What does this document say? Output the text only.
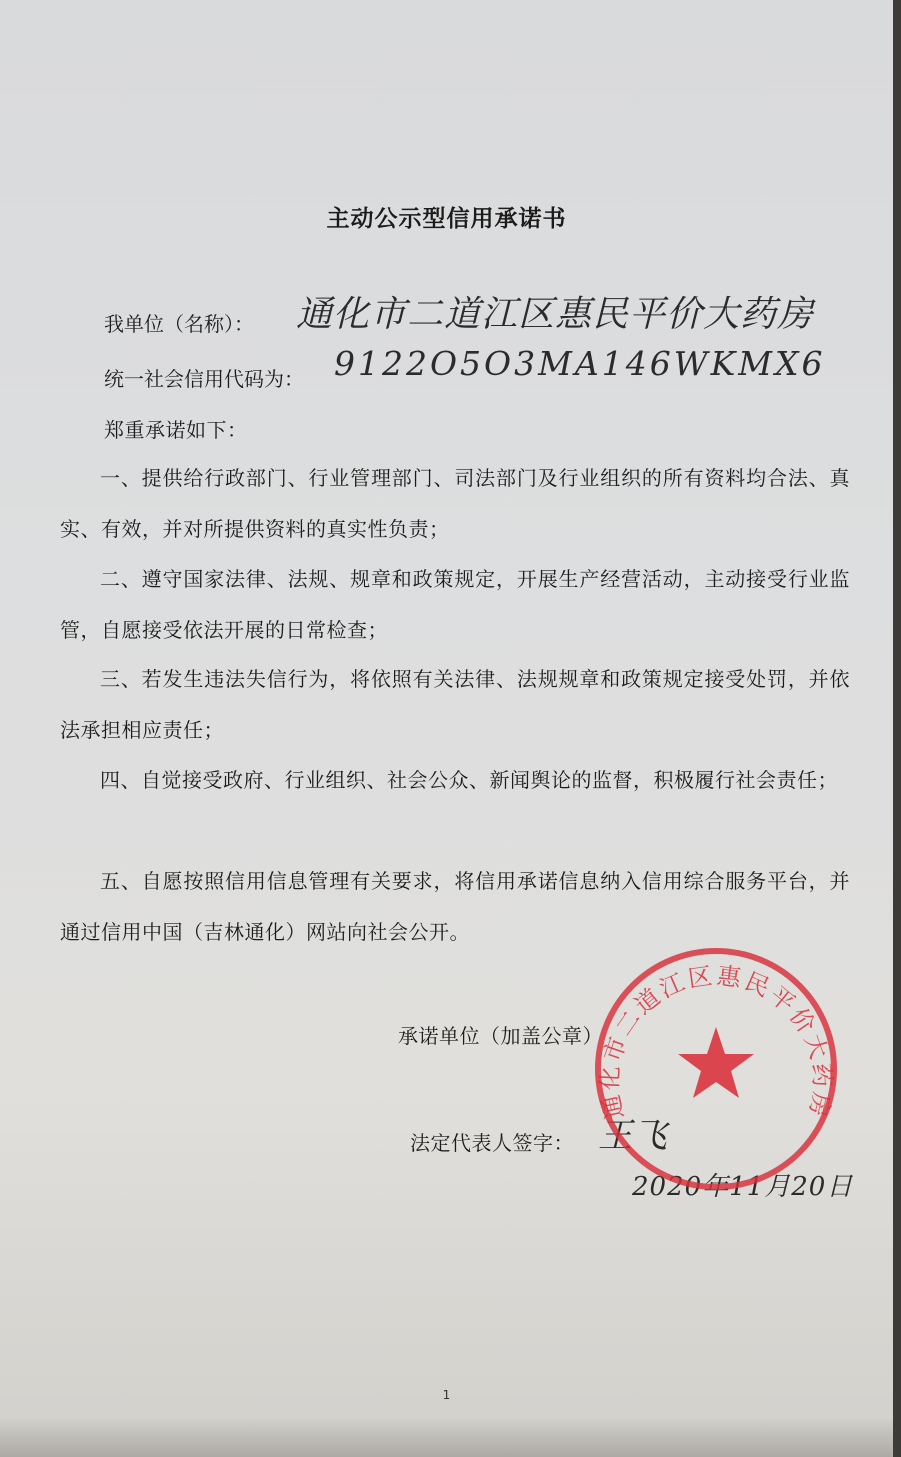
主动公示型信用承诺书
我单位（名称）： 通化市二道江区惠民平价大药房
统一社会信用代码为： 9122O5O3MA146WKMX6
郑重承诺如下：
一、提供给行政部门、行业管理部门、司法部门及行业组织的所有资料均合法、真实、有效，并对所提供资料的真实性负责；
二、遵守国家法律、法规、规章和政策规定，开展生产经营活动，主动接受行业监管，自愿接受依法开展的日常检查；
三、若发生违法失信行为，将依照有关法律、法规规章和政策规定接受处罚，并依法承担相应责任；
四、自觉接受政府、行业组织、社会公众、新闻舆论的监督，积极履行社会责任；
五、自愿按照信用信息管理有关要求，将信用承诺信息纳入信用综合服务平台，并通过信用中国（吉林通化）网站向社会公开。
承诺单位（加盖公章）
法定代表人签字： 王飞
2020年11月20日
通化市二道江区惠民平价大药房
1
